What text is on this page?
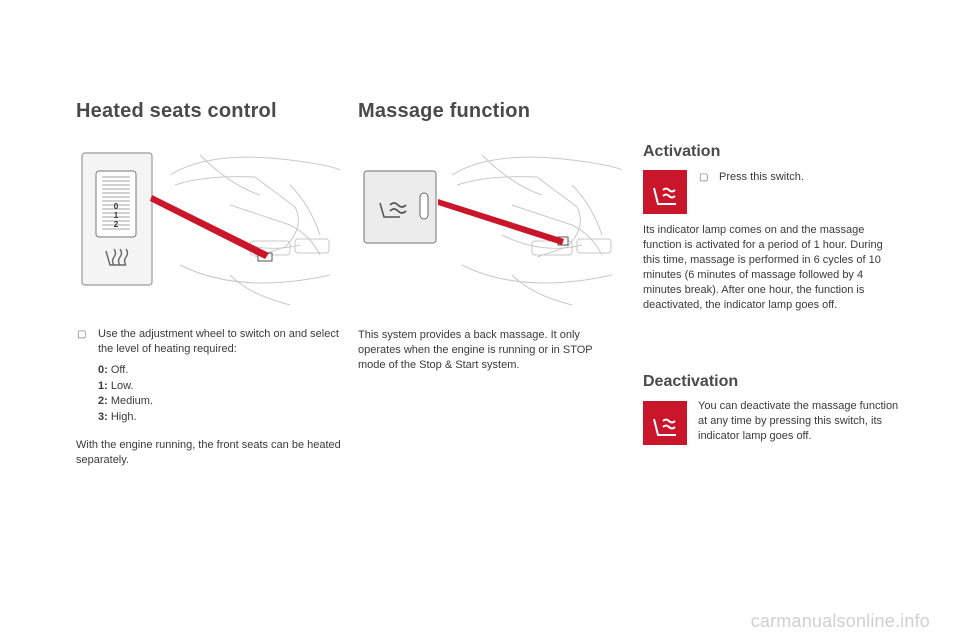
Heated seats control
0
1
2
▢ Use the adjustment wheel to switch on and select the level of heating required:

0: Off.
1: Low.
2: Medium.
3: High.

With the engine running, the front seats can be heated separately.

Massage function

This system provides a back massage. It only operates when the engine is running or in STOP mode of the Stop & Start system.

Activation
▢ Press this switch.

Its indicator lamp comes on and the massage function is activated for a period of 1 hour. During this time, massage is performed in 6 cycles of 10 minutes (6 minutes of massage followed by 4 minutes break). After one hour, the function is deactivated, the indicator lamp goes off.

Deactivation

You can deactivate the massage function at any time by pressing this switch, its indicator lamp goes off.

carmanualsonline.info
